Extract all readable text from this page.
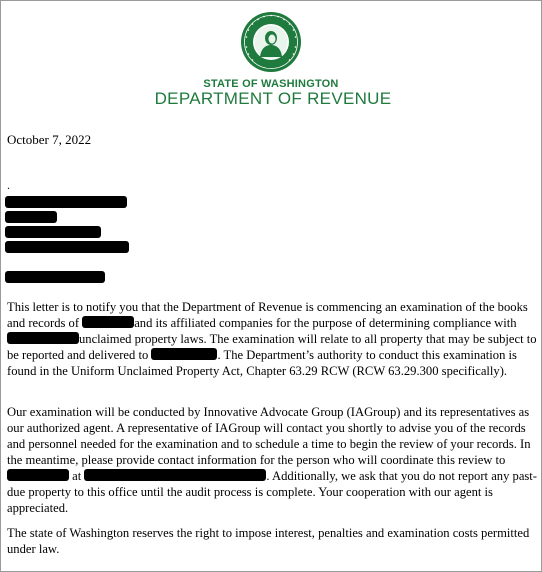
STATE OF WASHINGTON
DEPARTMENT OF REVENUE
October 7, 2022
.

This letter is to notify you that the Department of Revenue is commencing an examination of the books and records of	and its affiliated companies for the purpose of determining compliance with unclaimed property laws. The examination will relate to all property that may be subject to be reported and delivered to	. The Department’s authority to conduct this examination is found in the Uniform Unclaimed Property Act, Chapter 63.29 RCW (RCW 63.29.300 specifically).

Our examination will be conducted by Innovative Advocate Group (IAGroup) and its representatives as our authorized agent. A representative of IAGroup will contact you shortly to advise you of the records and personnel needed for the examination and to schedule a time to begin the review of your records. In the meantime, please provide contact information for the person who will coordinate this review to  at	. Additionally, we ask that you do not report any past-due property to this office until the audit process is complete. Your cooperation with our agent is appreciated.

The state of Washington reserves the right to impose interest, penalties and examination costs permitted under law.
